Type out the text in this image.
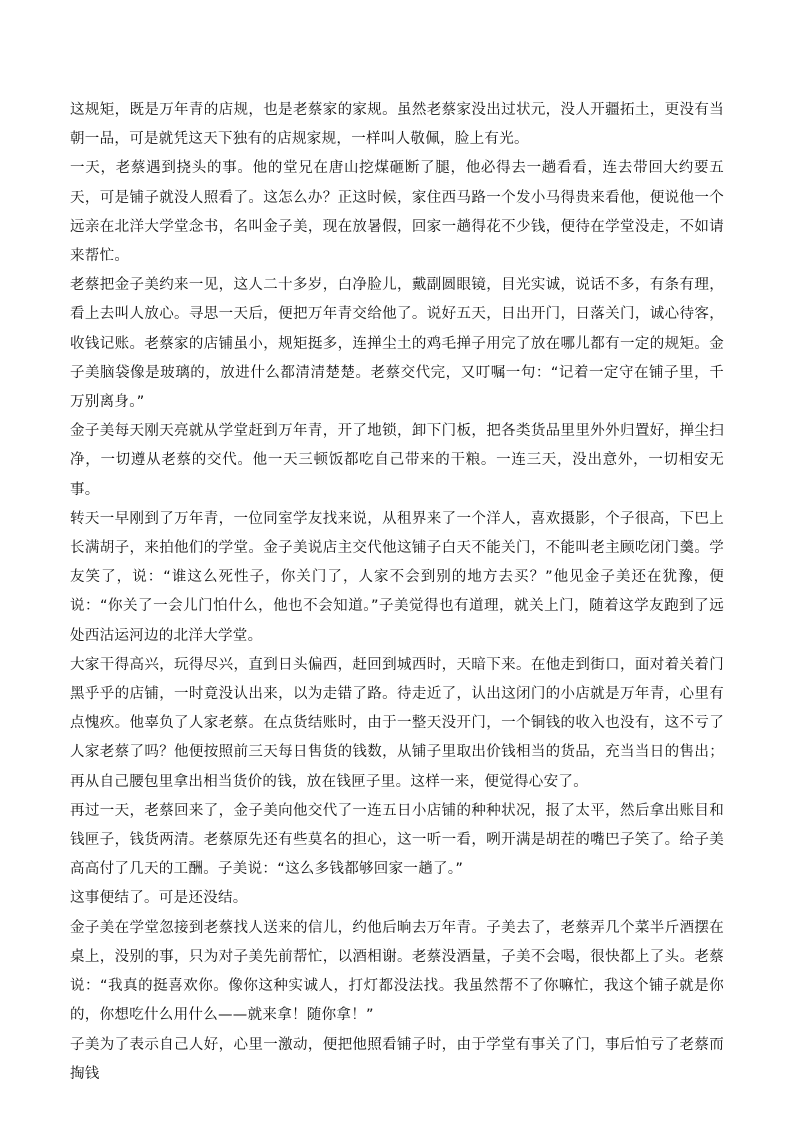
这规矩，既是万年青的店规，也是老蔡家的家规。虽然老蔡家没出过状元，没人开疆拓土，更没有当朝一品，可是就凭这天下独有的店规家规，一样叫人敬佩，脸上有光。

一天，老蔡遇到挠头的事。他的堂兄在唐山挖煤砸断了腿，他必得去一趟看看，连去带回大约要五天，可是铺子就没人照看了。这怎么办？正这时候，家住西马路一个发小马得贵来看他，便说他一个远亲在北洋大学堂念书，名叫金子美，现在放暑假，回家一趟得花不少钱，便待在学堂没走，不如请来帮忙。

老蔡把金子美约来一见，这人二十多岁，白净脸儿，戴副圆眼镜，目光实诚，说话不多，有条有理，看上去叫人放心。寻思一天后，便把万年青交给他了。说好五天，日出开门，日落关门，诚心待客，收钱记账。老蔡家的店铺虽小，规矩挺多，连掸尘土的鸡毛掸子用完了放在哪儿都有一定的规矩。金子美脑袋像是玻璃的，放进什么都清清楚楚。老蔡交代完，又叮嘱一句：“记着一定守在铺子里，千万别离身。”

金子美每天刚天亮就从学堂赶到万年青，开了地锁，卸下门板，把各类货品里里外外归置好，掸尘扫净，一切遵从老蔡的交代。他一天三顿饭都吃自己带来的干粮。一连三天，没出意外，一切相安无事。

转天一早刚到了万年青，一位同室学友找来说，从租界来了一个洋人，喜欢摄影，个子很高，下巴上长满胡子，来拍他们的学堂。金子美说店主交代他这铺子白天不能关门，不能叫老主顾吃闭门羹。学友笑了，说：“谁这么死性子，你关门了，人家不会到别的地方去买？”他见金子美还在犹豫，便说：“你关了一会儿门怕什么，他也不会知道。”子美觉得也有道理，就关上门，随着这学友跑到了远处西沽运河边的北洋大学堂。

大家干得高兴，玩得尽兴，直到日头偏西，赶回到城西时，天暗下来。在他走到街口，面对着关着门黑乎乎的店铺，一时竟没认出来，以为走错了路。待走近了，认出这闭门的小店就是万年青，心里有点愧疚。他辜负了人家老蔡。在点货结账时，由于一整天没开门，一个铜钱的收入也没有，这不亏了人家老蔡了吗？他便按照前三天每日售货的钱数，从铺子里取出价钱相当的货品，充当当日的售出；再从自己腰包里拿出相当货价的钱，放在钱匣子里。这样一来，便觉得心安了。

再过一天，老蔡回来了，金子美向他交代了一连五日小店铺的种种状况，报了太平，然后拿出账目和钱匣子，钱货两清。老蔡原先还有些莫名的担心，这一听一看，咧开满是胡茬的嘴巴子笑了。给子美高高付了几天的工酬。子美说：“这么多钱都够回家一趟了。”

这事便结了。可是还没结。

金子美在学堂忽接到老蔡找人送来的信儿，约他后晌去万年青。子美去了，老蔡弄几个菜半斤酒摆在桌上，没别的事，只为对子美先前帮忙，以酒相谢。老蔡没酒量，子美不会喝，很快都上了头。老蔡说：“我真的挺喜欢你。像你这种实诚人，打灯都没法找。我虽然帮不了你嘛忙，我这个铺子就是你的，你想吃什么用什么——就来拿！随你拿！”

子美为了表示自己人好，心里一激动，便把他照看铺子时，由于学堂有事关了门，事后怕亏了老蔡而掏钱
